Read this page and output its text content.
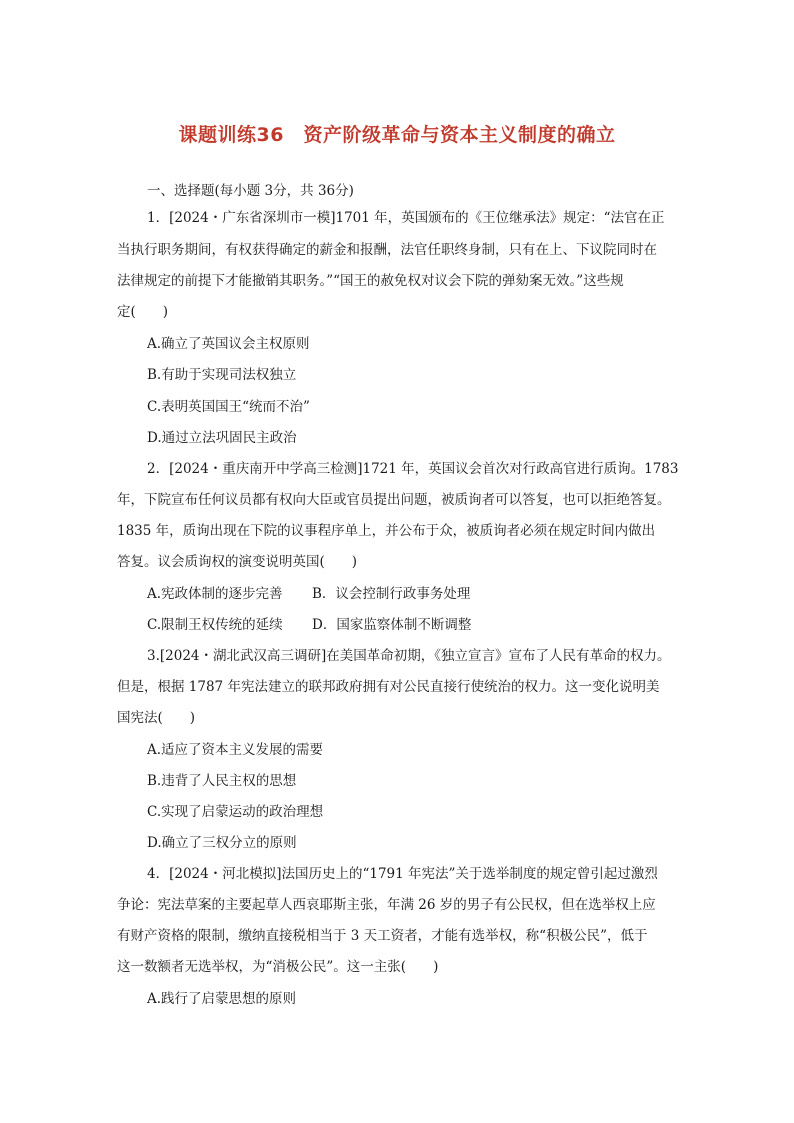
课题训练36　资产阶级革命与资本主义制度的确立

一、选择题(每小题 3分，共 36分)

1．[2024・广东省深圳市一模]1701 年，英国颁布的《王位继承法》规定：“法官在正

当执行职务期间，有权获得确定的薪金和报酬，法官任职终身制，只有在上、下议院同时在

法律规定的前提下才能撤销其职务。”“国王的赦免权对议会下院的弹劾案无效。”这些规

定(　　)

A.确立了英国议会主权原则

B.有助于实现司法权独立

C.表明英国国王“统而不治”

D.通过立法巩固民主政治

2．[2024・重庆南开中学高三检测]1721 年，英国议会首次对行政高官进行质询。1783

年，下院宣布任何议员都有权向大臣或官员提出问题，被质询者可以答复，也可以拒绝答复。

1835 年，质询出现在下院的议事程序单上，并公布于众，被质询者必须在规定时间内做出

答复。议会质询权的演变说明英国(　　)

A.宪政体制的逐步完善 B．议会控制行政事务处理

C.限制王权传统的延续 D．国家监察体制不断调整

3.[2024・湖北武汉高三调研]在美国革命初期，《独立宣言》宣布了人民有革命的权力。

但是，根据 1787 年宪法建立的联邦政府拥有对公民直接行使统治的权力。这一变化说明美

国宪法(　　)

A.适应了资本主义发展的需要

B.违背了人民主权的思想

C.实现了启蒙运动的政治理想

D.确立了三权分立的原则

4．[2024・河北模拟]法国历史上的“1791 年宪法”关于选举制度的规定曾引起过激烈

争论：宪法草案的主要起草人西哀耶斯主张，年满 26 岁的男子有公民权，但在选举权上应

有财产资格的限制，缴纳直接税相当于 3 天工资者，才能有选举权，称“积极公民”，低于

这一数额者无选举权，为“消极公民”。这一主张(　　)

A.践行了启蒙思想的原则
